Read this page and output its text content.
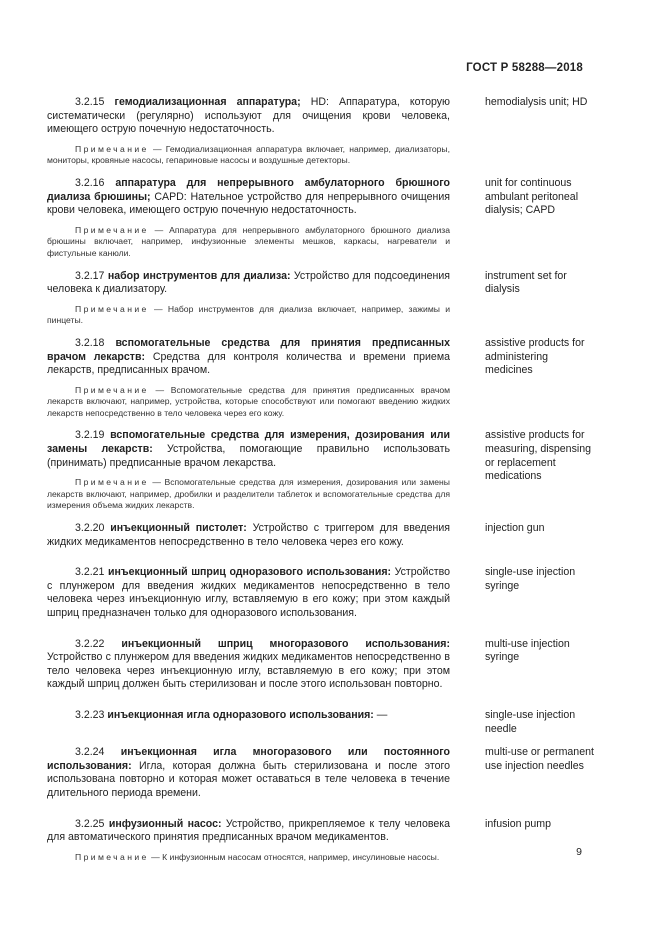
ГОСТ Р 58288—2018

3.2.15 гемодиализационная аппаратура; HD: Аппаратура, которую систематически (регулярно) используют для очищения крови человека, имеющего острую почечную недостаточность.

Примечание — Гемодиализационная аппаратура включает, например, диализаторы, мониторы, кровяные насосы, гепариновые насосы и воздушные детекторы.

hemodialysis unit; HD

3.2.16 аппаратура для непрерывного амбулаторного брюшного диализа брюшины; CAPD: Нательное устройство для непрерывного очищения крови человека, имеющего острую почечную недостаточность.

Примечание — Аппаратура для непрерывного амбулаторного брюшного диализа брюшины включает, например, инфузионные элементы мешков, каркасы, нагреватели и фистульные канюли.

unit for continuous ambulant peritoneal dialysis; CAPD

3.2.17 набор инструментов для диализа: Устройство для подсоединения человека к диализатору.

Примечание — Набор инструментов для диализа включает, например, зажимы и пинцеты.

instrument set for dialysis

3.2.18 вспомогательные средства для принятия предписанных врачом лекарств: Средства для контроля количества и времени приема лекарств, предписанных врачом.

Примечание — Вспомогательные средства для принятия предписанных врачом лекарств включают, например, устройства, которые способствуют или помогают введению жидких лекарств непосредственно в тело человека через его кожу.

assistive products for administering medicines

3.2.19 вспомогательные средства для измерения, дозирования или замены лекарств: Устройства, помогающие правильно использовать (принимать) предписанные врачом лекарства.

Примечание — Вспомогательные средства для измерения, дозирования или замены лекарств включают, например, дробилки и разделители таблеток и вспомогательные средства для измерения объема жидких лекарств.

assistive products for measuring, dispensing or replacement medications

3.2.20 инъекционный пистолет: Устройство с триггером для введения жидких медикаментов непосредственно в тело человека через его кожу.

injection gun

3.2.21 инъекционный шприц одноразового использования: Устройство с плунжером для введения жидких медикаментов непосредственно в тело человека через инъекционную иглу, вставляемую в его кожу; при этом каждый шприц предназначен только для одноразового использования.

single-use injection syringe

3.2.22 инъекционный шприц многоразового использования: Устройство с плунжером для введения жидких медикаментов непосредственно в тело человека через инъекционную иглу, вставляемую в его кожу; при этом каждый шприц должен быть стерилизован и после этого использован повторно.

multi-use injection syringe

3.2.23 инъекционная игла одноразового использования: —	single-use injection needle

3.2.24 инъекционная игла многоразового или постоянного использования: Игла, которая должна быть стерилизована и после этого использована повторно и которая может оставаться в теле человека в течение длительного периода времени.

multi-use or permanent use injection needles

3.2.25 инфузионный насос: Устройство, прикрепляемое к телу человека для автоматического принятия предписанных врачом медикаментов.

Примечание — К инфузионным насосам относятся, например, инсулиновые насосы.

infusion pump
9
